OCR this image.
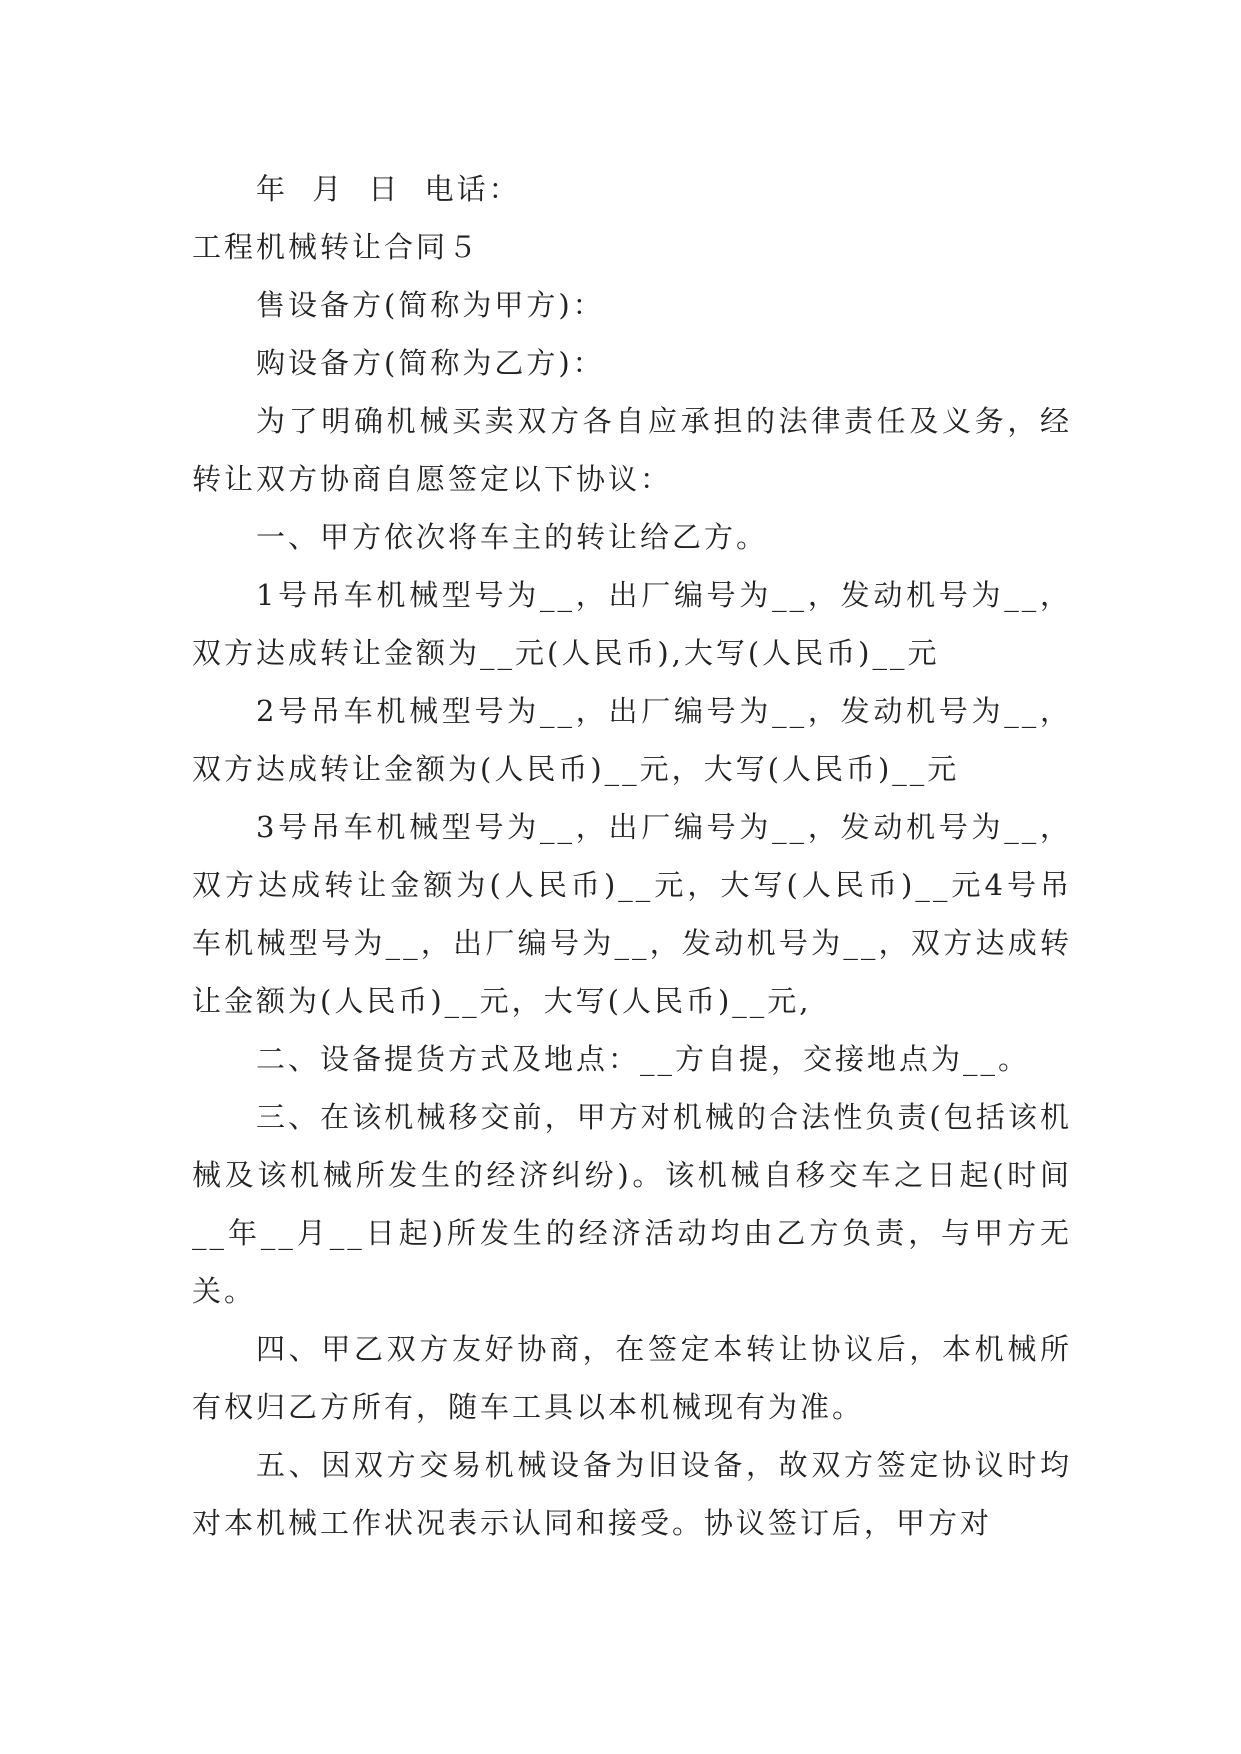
年 月 日 电话：

工程机械转让合同５

售设备方(简称为甲方)：

购设备方(简称为乙方)：

为了明确机械买卖双方各自应承担的法律责任及义务，经转让双方协商自愿签定以下协议：

一、甲方依次将车主的转让给乙方。

1号吊车机械型号为__，出厂编号为__，发动机号为__，双方达成转让金额为__元(人民币),大写(人民币)__元

2号吊车机械型号为__，出厂编号为__，发动机号为__，双方达成转让金额为(人民币)__元，大写(人民币)__元

3号吊车机械型号为__，出厂编号为__，发动机号为__，双方达成转让金额为(人民币)__元，大写(人民币)__元4号吊车机械型号为__，出厂编号为__，发动机号为__，双方达成转让金额为(人民币)__元，大写(人民币)__元,

二、设备提货方式及地点：__方自提，交接地点为__。

三、在该机械移交前，甲方对机械的合法性负责(包括该机械及该机械所发生的经济纠纷)。该机械自移交车之日起(时间__年__月__日起)所发生的经济活动均由乙方负责，与甲方无关。

四、甲乙双方友好协商，在签定本转让协议后，本机械所有权归乙方所有，随车工具以本机械现有为准。

五、因双方交易机械设备为旧设备，故双方签定协议时均对本机械工作状况表示认同和接受。协议签订后，甲方对
